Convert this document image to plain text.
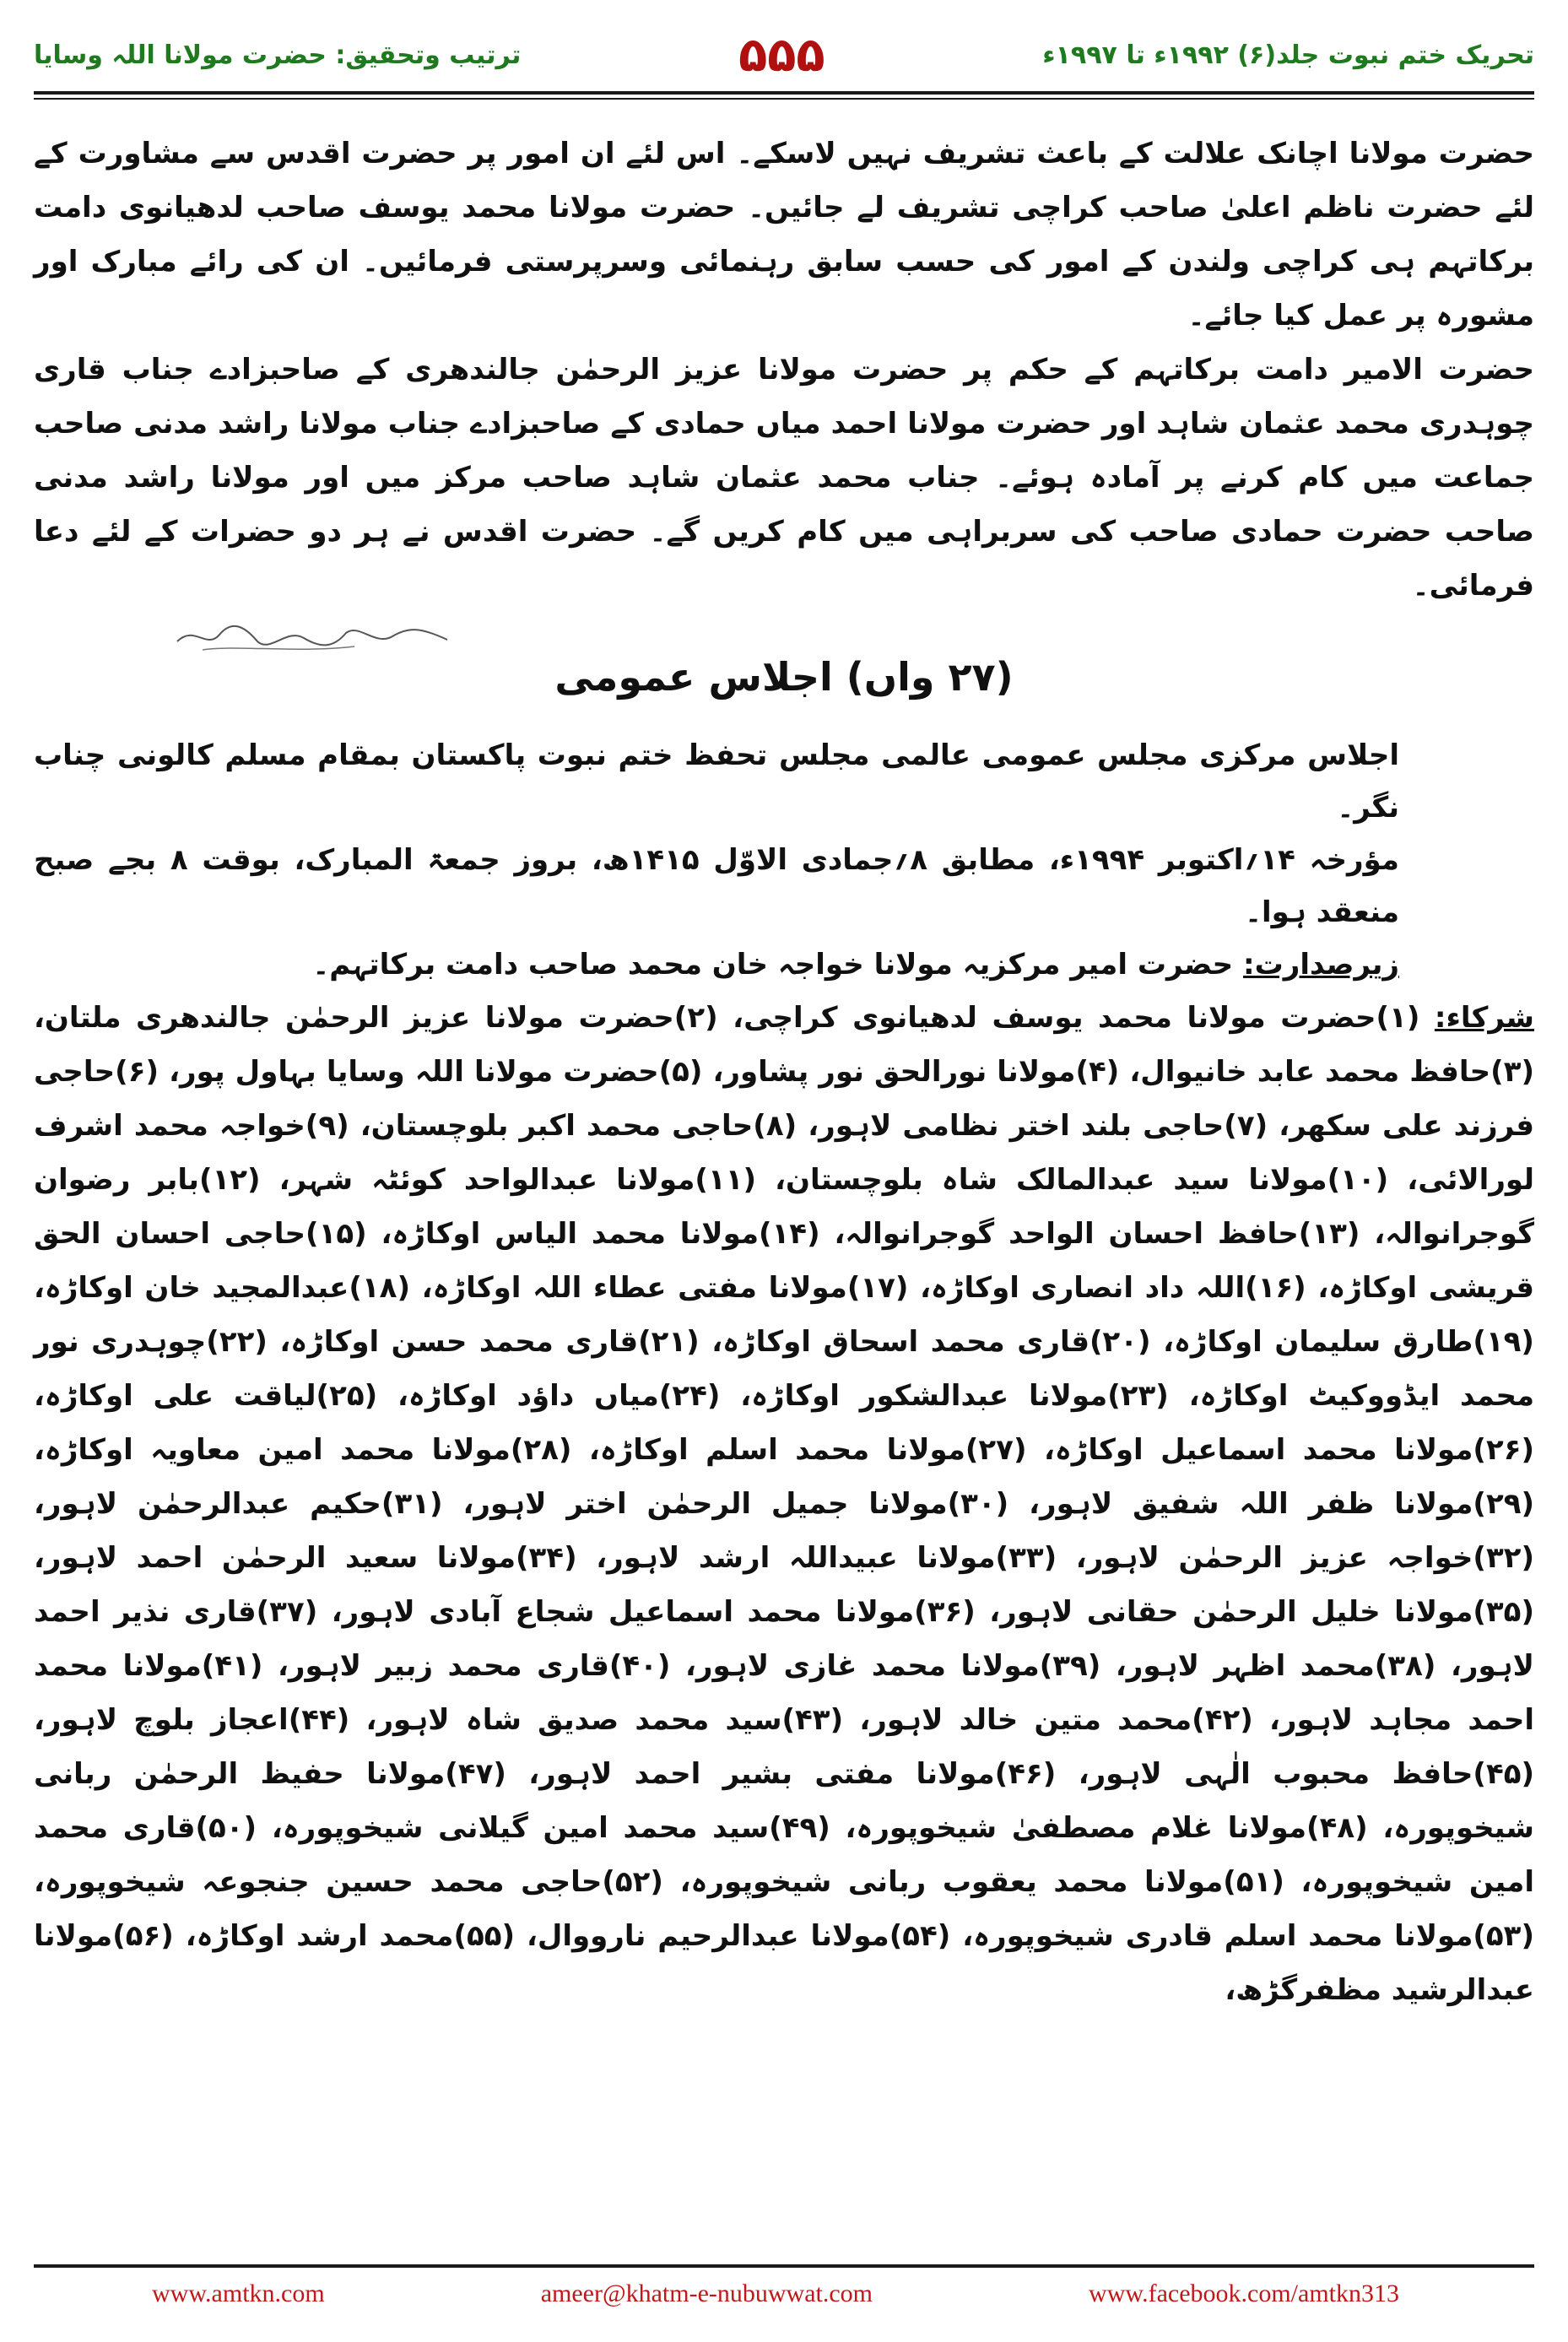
ترتیب وتحقیق: حضرت مولانا اللہ وسایا	۵۵۵	تحریک ختم نبوت جلد(۶) ۱۹۹۲ء تا ۱۹۹۷ء

حضرت مولانا اچانک علالت کے باعث تشریف نہیں لاسکے۔ اس لئے ان امور پر حضرت اقدس سے مشاورت کے لئے حضرت ناظم اعلیٰ صاحب کراچی تشریف لے جائیں۔ حضرت مولانا محمد یوسف صاحب لدھیانوی دامت برکاتہم ہی کراچی ولندن کے امور کی حسب سابق رہنمائی وسرپرستی فرمائیں۔ ان کی رائے مبارک اور مشورہ پر عمل کیا جائے۔

حضرت الامیر دامت برکاتہم کے حکم پر حضرت مولانا عزیز الرحمٰن جالندھری کے صاحبزادے جناب قاری چوہدری محمد عثمان شاہد اور حضرت مولانا احمد میاں حمادی کے صاحبزادے جناب مولانا راشد مدنی صاحب جماعت میں کام کرنے پر آمادہ ہوئے۔ جناب محمد عثمان شاہد صاحب مرکز میں اور مولانا راشد مدنی صاحب حضرت حمادی صاحب کی سربراہی میں کام کریں گے۔ حضرت اقدس نے ہر دو حضرات کے لئے دعا فرمائی۔

(۲۷ واں) اجلاس عمومی

اجلاس مرکزی مجلس عمومی عالمی مجلس تحفظ ختم نبوت پاکستان بمقام مسلم کالونی چناب نگر۔

مؤرخہ ۱۴؍اکتوبر ۱۹۹۴ء، مطابق ۸؍جمادی الاوّل ۱۴۱۵ھ، بروز جمعۃ المبارک، بوقت ۸ بجے صبح منعقد ہوا۔

زیرصدارت: حضرت امیر مرکزیہ مولانا خواجہ خان محمد صاحب دامت برکاتہم۔

شرکاء: (۱)حضرت مولانا محمد یوسف لدھیانوی کراچی، (۲)حضرت مولانا عزیز الرحمٰن جالندھری ملتان، (۳)حافظ محمد عابد خانیوال، (۴)مولانا نورالحق نور پشاور، (۵)حضرت مولانا اللہ وسایا بہاول پور، (۶)حاجی فرزند علی سکھر، (۷)حاجی بلند اختر نظامی لاہور، (۸)حاجی محمد اکبر بلوچستان، (۹)خواجہ محمد اشرف لورالائی، (۱۰)مولانا سید عبدالمالک شاہ بلوچستان، (۱۱)مولانا عبدالواحد کوئٹہ شہر، (۱۲)بابر رضوان گوجرانوالہ، (۱۳)حافظ احسان الواحد گوجرانوالہ، (۱۴)مولانا محمد الیاس اوکاڑہ، (۱۵)حاجی احسان الحق قریشی اوکاڑہ، (۱۶)اللہ داد انصاری اوکاڑہ، (۱۷)مولانا مفتی عطاء اللہ اوکاڑہ، (۱۸)عبدالمجید خان اوکاڑہ، (۱۹)طارق سلیمان اوکاڑہ، (۲۰)قاری محمد اسحاق اوکاڑہ، (۲۱)قاری محمد حسن اوکاڑہ، (۲۲)چوہدری نور محمد ایڈووکیٹ اوکاڑہ، (۲۳)مولانا عبدالشکور اوکاڑہ، (۲۴)میاں داؤد اوکاڑہ، (۲۵)لیاقت علی اوکاڑہ، (۲۶)مولانا محمد اسماعیل اوکاڑہ، (۲۷)مولانا محمد اسلم اوکاڑہ، (۲۸)مولانا محمد امین معاویہ اوکاڑہ، (۲۹)مولانا ظفر اللہ شفیق لاہور، (۳۰)مولانا جمیل الرحمٰن اختر لاہور، (۳۱)حکیم عبدالرحمٰن لاہور، (۳۲)خواجہ عزیز الرحمٰن لاہور، (۳۳)مولانا عبیداللہ ارشد لاہور، (۳۴)مولانا سعید الرحمٰن احمد لاہور، (۳۵)مولانا خلیل الرحمٰن حقانی لاہور، (۳۶)مولانا محمد اسماعیل شجاع آبادی لاہور، (۳۷)قاری نذیر احمد لاہور، (۳۸)محمد اظہر لاہور، (۳۹)مولانا محمد غازی لاہور، (۴۰)قاری محمد زبیر لاہور، (۴۱)مولانا محمد احمد مجاہد لاہور، (۴۲)محمد متین خالد لاہور، (۴۳)سید محمد صدیق شاہ لاہور، (۴۴)اعجاز بلوچ لاہور، (۴۵)حافظ محبوب الٰہی لاہور، (۴۶)مولانا مفتی بشیر احمد لاہور، (۴۷)مولانا حفیظ الرحمٰن ربانی شیخوپورہ، (۴۸)مولانا غلام مصطفیٰ شیخوپورہ، (۴۹)سید محمد امین گیلانی شیخوپورہ، (۵۰)قاری محمد امین شیخوپورہ، (۵۱)مولانا محمد یعقوب ربانی شیخوپورہ، (۵۲)حاجی محمد حسین جنجوعہ شیخوپورہ، (۵۳)مولانا محمد اسلم قادری شیخوپورہ، (۵۴)مولانا عبدالرحیم نارووال، (۵۵)محمد ارشد اوکاڑہ، (۵۶)مولانا عبدالرشید مظفرگڑھ،

www.amtkn.com	ameer@khatm-e-nubuwwat.com	www.facebook.com/amtkn313
